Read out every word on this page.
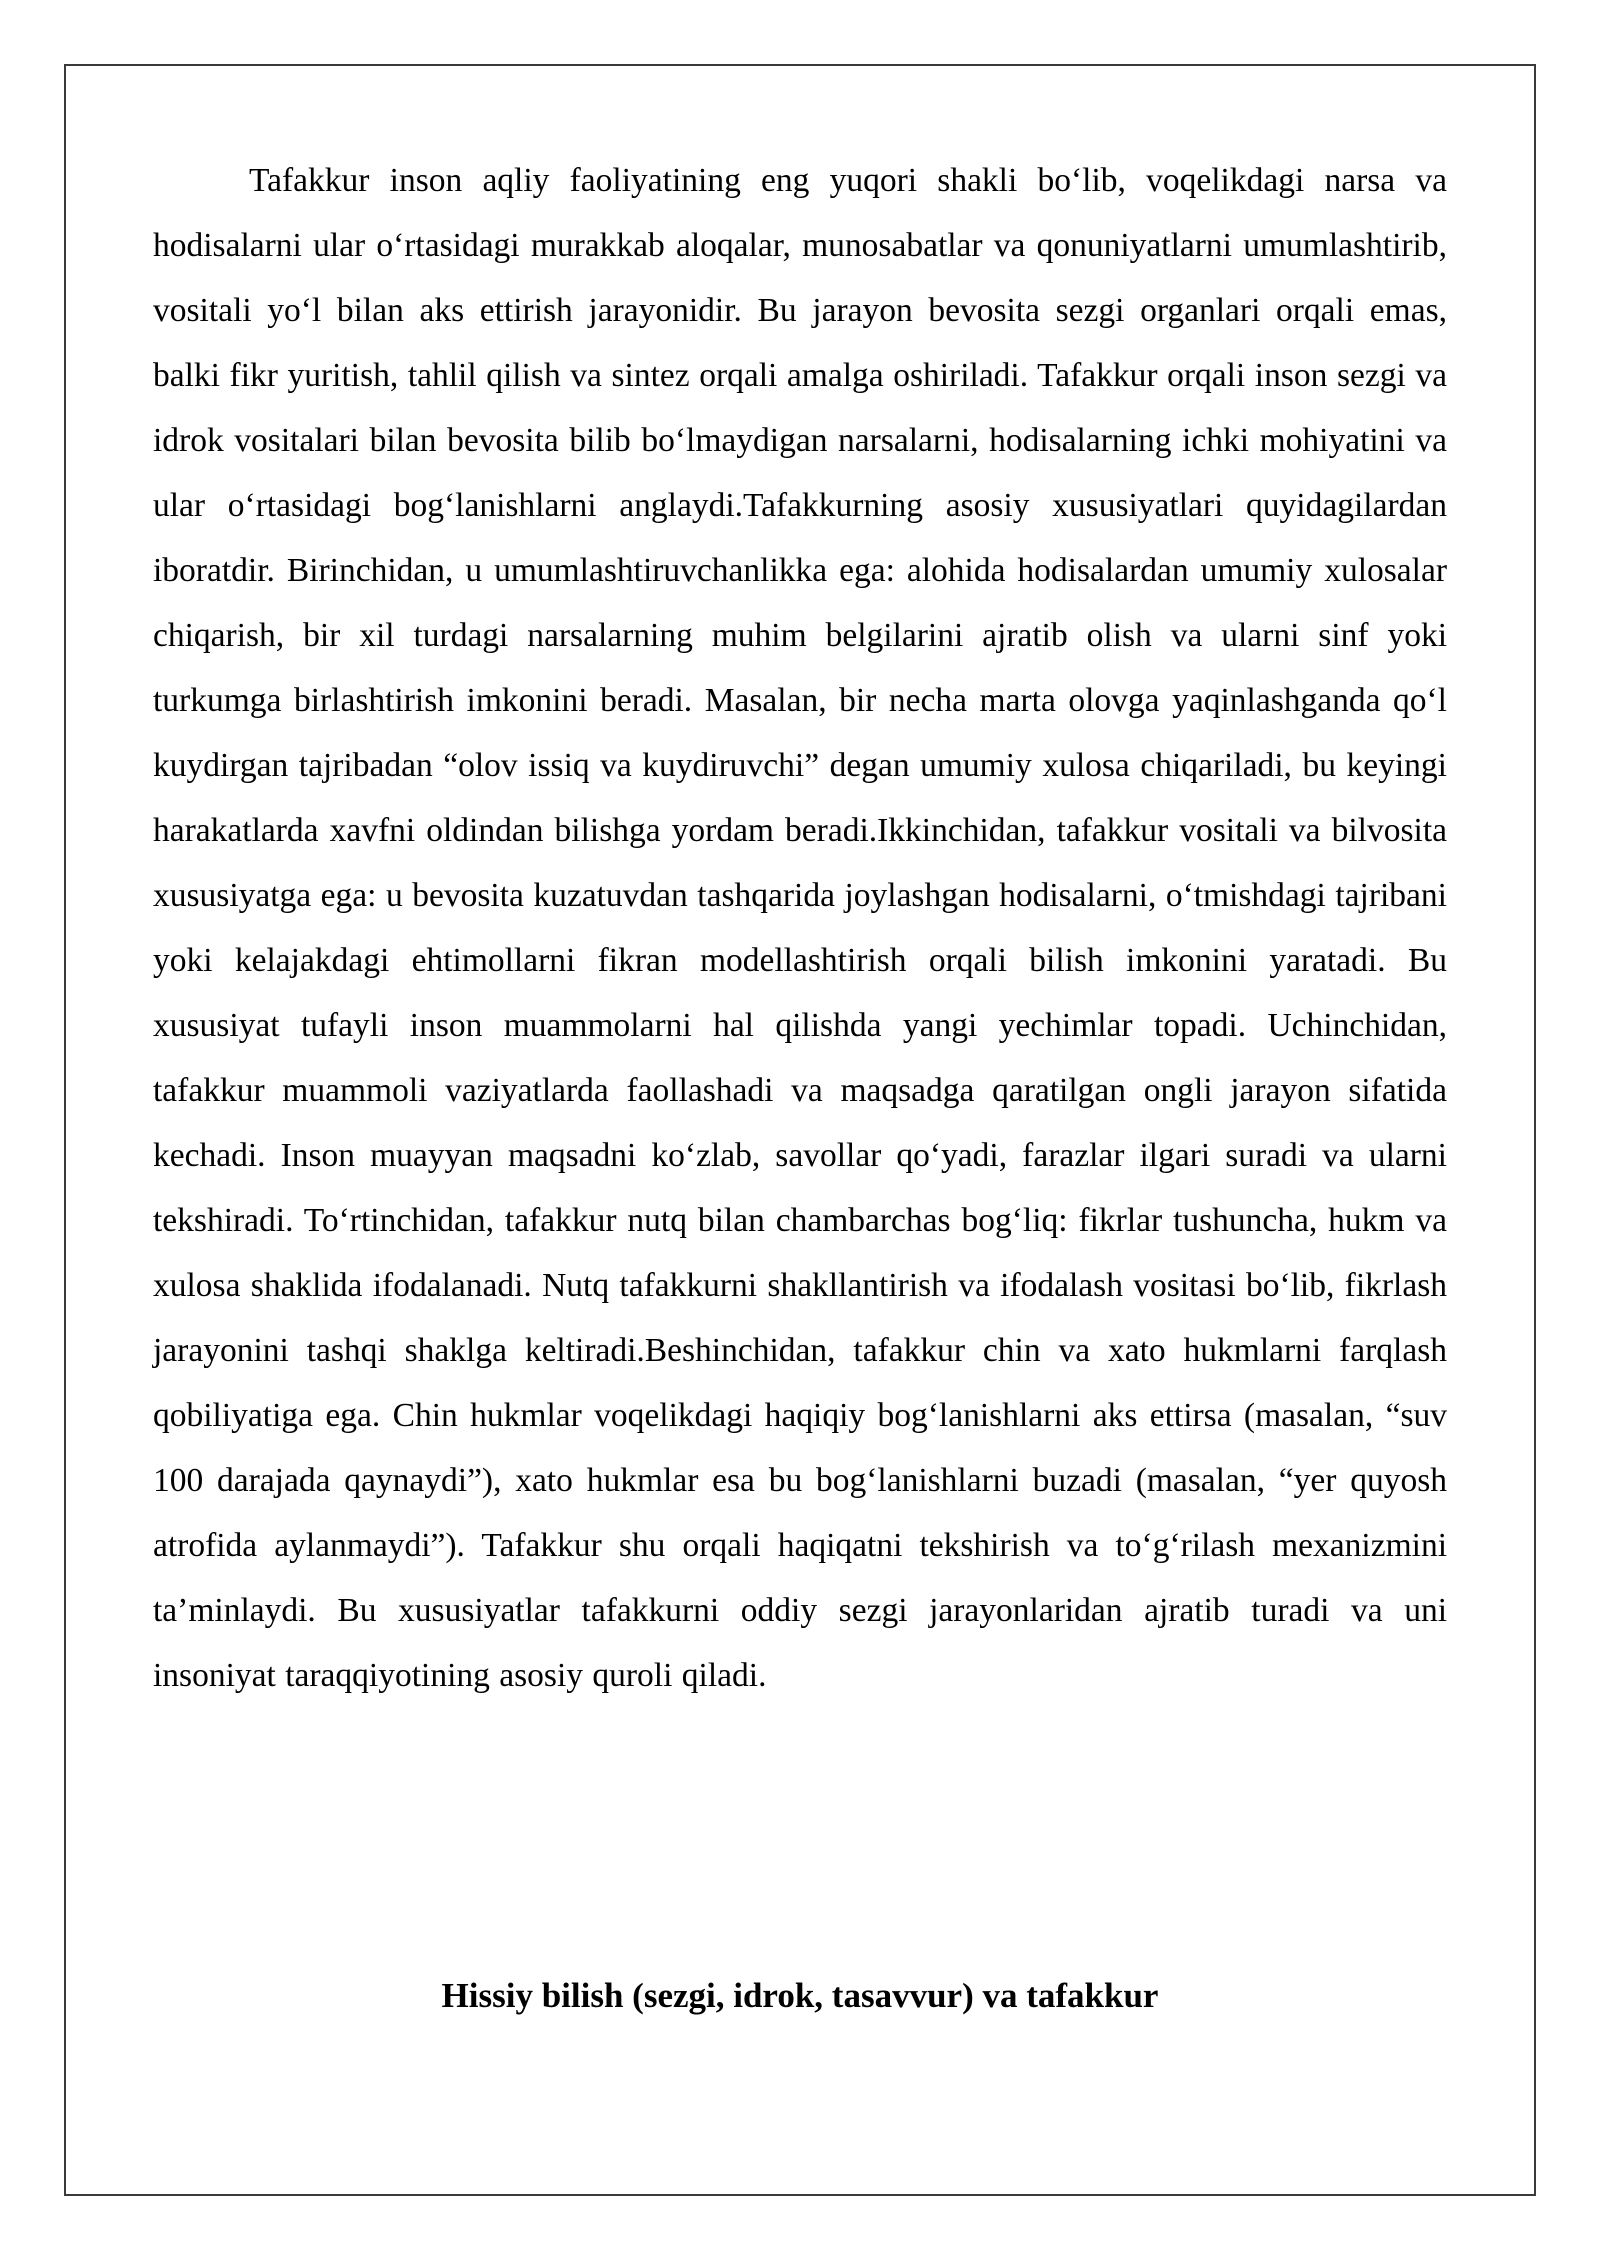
Tafakkur inson aqliy faoliyatining eng yuqori shakli bo‘lib, voqelikdagi narsa va hodisalarni ular o‘rtasidagi murakkab aloqalar, munosabatlar va qonuniyatlarni umumlashtirib, vositali yo‘l bilan aks ettirish jarayonidir. Bu jarayon bevosita sezgi organlari orqali emas, balki fikr yuritish, tahlil qilish va sintez orqali amalga oshiriladi. Tafakkur orqali inson sezgi va idrok vositalari bilan bevosita bilib bo‘lmaydigan narsalarni, hodisalarning ichki mohiyatini va ular o‘rtasidagi bog‘lanishlarni anglaydi.Tafakkurning asosiy xususiyatlari quyidagilardan iboratdir. Birinchidan, u umumlashtiruvchanlikka ega: alohida hodisalardan umumiy xulosalar chiqarish, bir xil turdagi narsalarning muhim belgilarini ajratib olish va ularni sinf yoki turkumga birlashtirish imkonini beradi. Masalan, bir necha marta olovga yaqinlashganda qo‘l kuydirgan tajribadan “olov issiq va kuydiruvchi” degan umumiy xulosa chiqariladi, bu keyingi harakatlarda xavfni oldindan bilishga yordam beradi.Ikkinchidan, tafakkur vositali va bilvosita xususiyatga ega: u bevosita kuzatuvdan tashqarida joylashgan hodisalarni, o‘tmishdagi tajribani yoki kelajakdagi ehtimollarni fikran modellashtirish orqali bilish imkonini yaratadi. Bu xususiyat tufayli inson muammolarni hal qilishda yangi yechimlar topadi. Uchinchidan, tafakkur muammoli vaziyatlarda faollashadi va maqsadga qaratilgan ongli jarayon sifatida kechadi. Inson muayyan maqsadni ko‘zlab, savollar qo‘yadi, farazlar ilgari suradi va ularni tekshiradi. To‘rtinchidan, tafakkur nutq bilan chambarchas bog‘liq: fikrlar tushuncha, hukm va xulosa shaklida ifodalanadi. Nutq tafakkurni shakllantirish va ifodalash vositasi bo‘lib, fikrlash jarayonini tashqi shaklga keltiradi.Beshinchidan, tafakkur chin va xato hukmlarni farqlash qobiliyatiga ega. Chin hukmlar voqelikdagi haqiqiy bog‘lanishlarni aks ettirsa (masalan, “suv 100 darajada qaynaydi”), xato hukmlar esa bu bog‘lanishlarni buzadi (masalan, “yer quyosh atrofida aylanmaydi”). Tafakkur shu orqali haqiqatni tekshirish va to‘g‘rilash mexanizmini ta’minlaydi. Bu xususiyatlar tafakkurni oddiy sezgi jarayonlaridan ajratib turadi va uni insoniyat taraqqiyotining asosiy quroli qiladi.

Hissiy bilish (sezgi, idrok, tasavvur) va tafakkur
